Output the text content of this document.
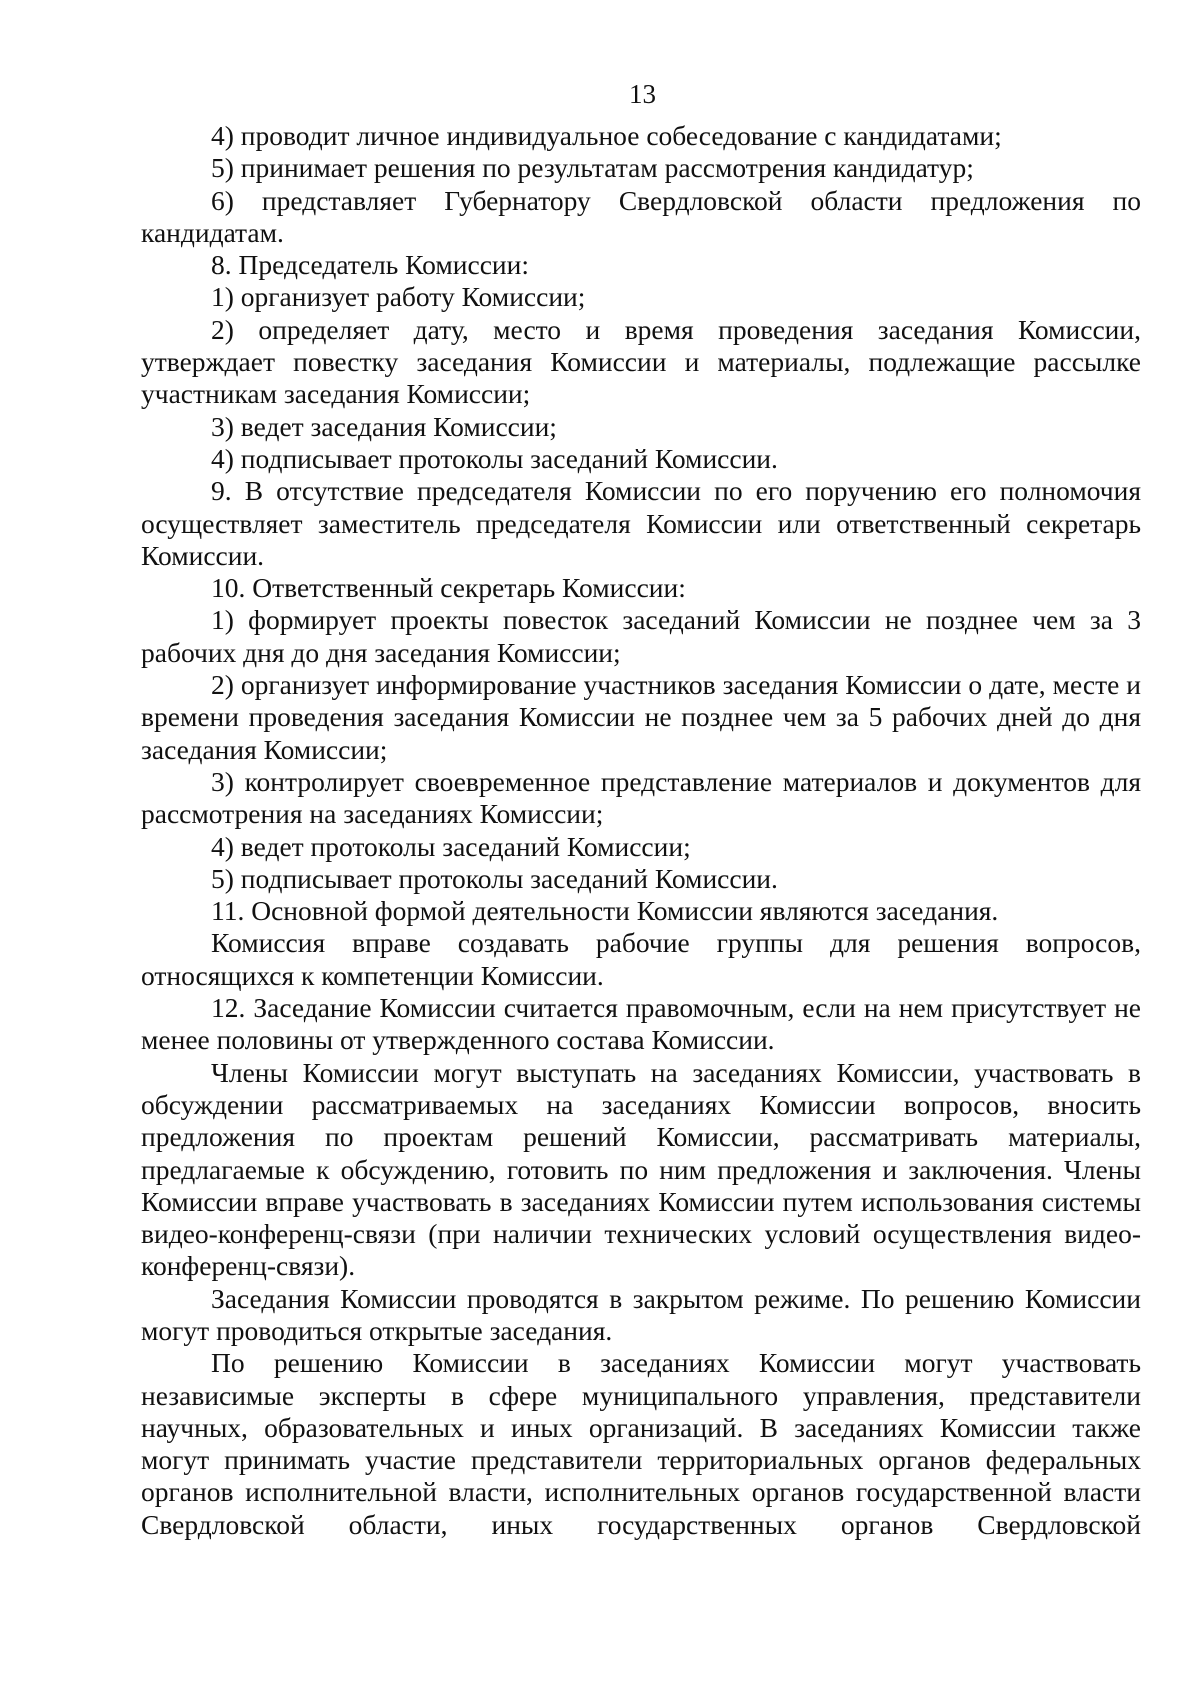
13

4) проводит личное индивидуальное собеседование с кандидатами;

5) принимает решения по результатам рассмотрения кандидатур;

6) представляет Губернатору Свердловской области предложения по кандидатам.

8. Председатель Комиссии:

1) организует работу Комиссии;

2) определяет дату, место и время проведения заседания Комиссии, утверждает повестку заседания Комиссии и материалы, подлежащие рассылке участникам заседания Комиссии;

3) ведет заседания Комиссии;

4) подписывает протоколы заседаний Комиссии.

9. В отсутствие председателя Комиссии по его поручению его полномочия осуществляет заместитель председателя Комиссии или ответственный секретарь Комиссии.

10. Ответственный секретарь Комиссии:

1) формирует проекты повесток заседаний Комиссии не позднее чем за 3 рабочих дня до дня заседания Комиссии;

2) организует информирование участников заседания Комиссии о дате, месте и времени проведения заседания Комиссии не позднее чем за 5 рабочих дней до дня заседания Комиссии;

3) контролирует своевременное представление материалов и документов для рассмотрения на заседаниях Комиссии;

4) ведет протоколы заседаний Комиссии;

5) подписывает протоколы заседаний Комиссии.

11. Основной формой деятельности Комиссии являются заседания.

Комиссия вправе создавать рабочие группы для решения вопросов, относящихся к компетенции Комиссии.

12. Заседание Комиссии считается правомочным, если на нем присутствует не менее половины от утвержденного состава Комиссии.

Члены Комиссии могут выступать на заседаниях Комиссии, участвовать в обсуждении рассматриваемых на заседаниях Комиссии вопросов, вносить предложения по проектам решений Комиссии, рассматривать материалы, предлагаемые к обсуждению, готовить по ним предложения и заключения. Члены Комиссии вправе участвовать в заседаниях Комиссии путем использования системы видео-конференц-связи (при наличии технических условий осуществления видео-конференц-связи).

Заседания Комиссии проводятся в закрытом режиме. По решению Комиссии могут проводиться открытые заседания.

По решению Комиссии в заседаниях Комиссии могут участвовать независимые эксперты в сфере муниципального управления, представители научных, образовательных и иных организаций. В заседаниях Комиссии также могут принимать участие представители территориальных органов федеральных органов исполнительной власти, исполнительных органов государственной власти Свердловской области, иных государственных органов Свердловской
